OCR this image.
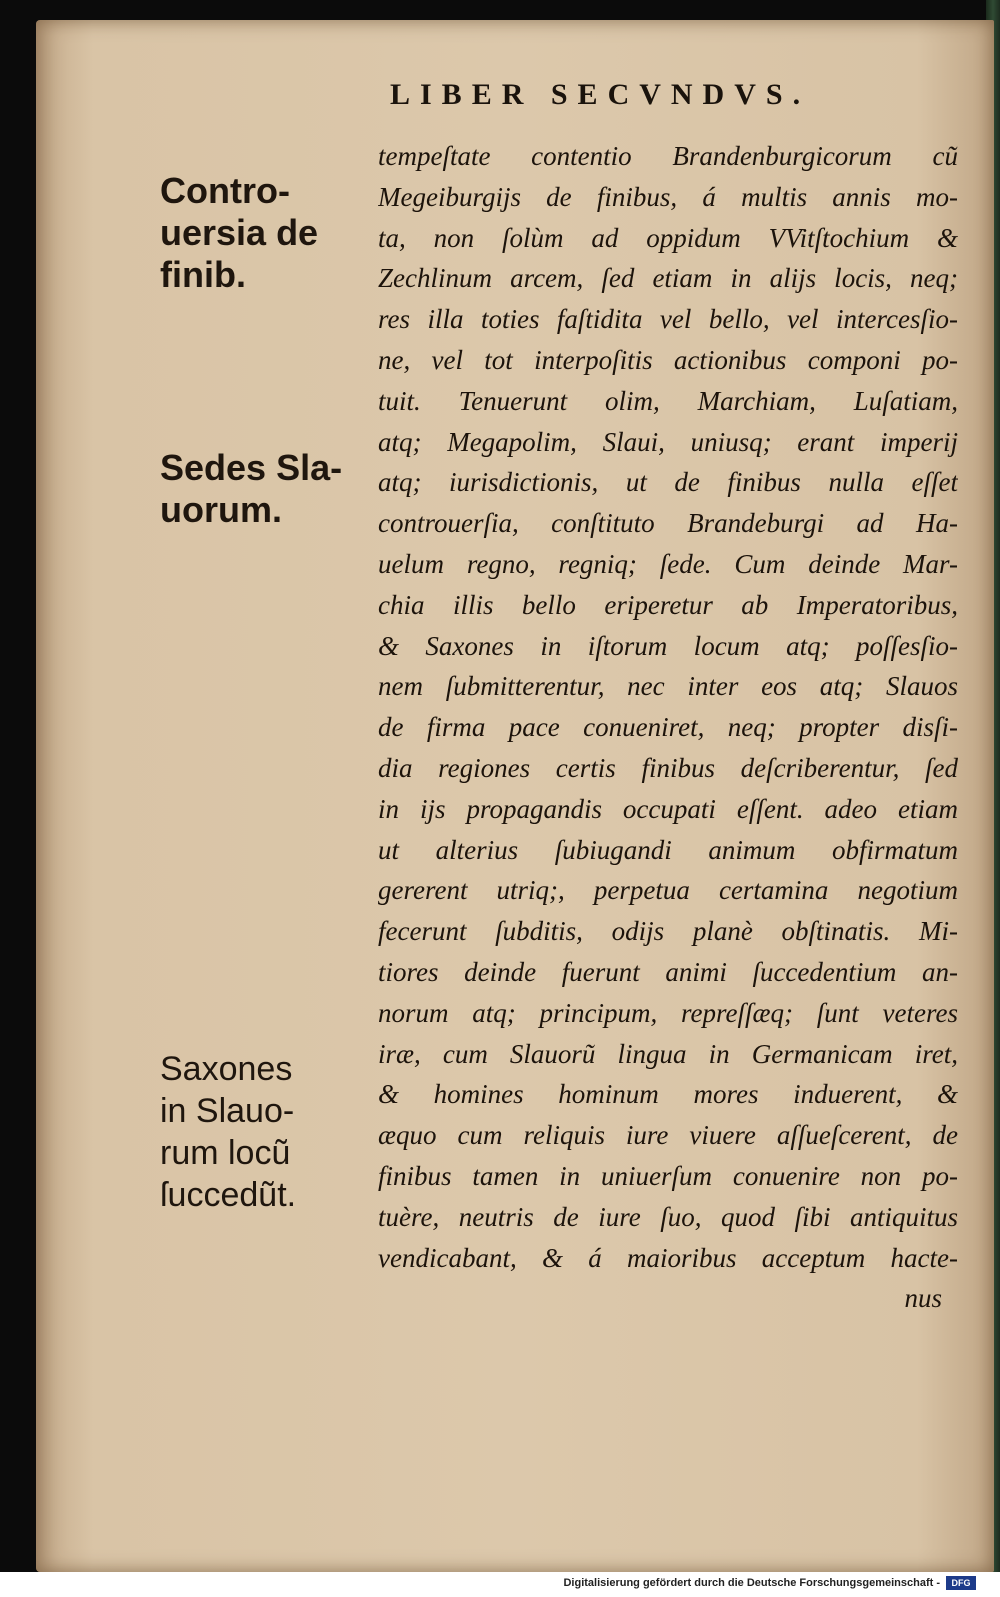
LIBER SECVNDVS.
Contro-
uersia de
finib.
Sedes Sla-
uorum.
Saxones
in Slauo-
rum locũ
ſuccedũt.
tempeſtate contentio Brandenburgicorum cũ
Megeiburgijs de finibus, á multis annis mo-
ta, non ſolùm ad oppidum VVitſtochium &
Zechlinum arcem, ſed etiam in alijs locis, neq;
res illa toties faſtidita vel bello, vel intercesſio-
ne, vel tot interpoſitis actionibus componi po-
tuit. Tenuerunt olim, Marchiam, Luſatiam,
atq; Megapolim, Slaui, uniusq; erant imperij
atq; iurisdictionis, ut de finibus nulla eſſet
controuerſia, conſtituto Brandeburgi ad Ha-
uelum regno, regniq; ſede. Cum deinde Mar-
chia illis bello eriperetur ab Imperatoribus,
& Saxones in iſtorum locum atq; poſſesſio-
nem ſubmitterentur, nec inter eos atq; Slauos
de firma pace conueniret, neq; propter disſi-
dia regiones certis finibus deſcriberentur, ſed
in ijs propagandis occupati eſſent. adeo etiam
ut alterius ſubiugandi animum obfirmatum
gererent utriq;, perpetua certamina negotium
fecerunt ſubditis, odijs planè obſtinatis. Mi-
tiores deinde fuerunt animi ſuccedentium an-
norum atq; principum, repreſſæq; ſunt veteres
iræ, cum Slauorũ lingua in Germanicam iret,
& homines hominum mores induerent, &
æquo cum reliquis iure viuere aſſueſcerent, de
finibus tamen in uniuerſum conuenire non po-
tuère, neutris de iure ſuo, quod ſibi antiquitus
vendicabant, & á maioribus acceptum hacte-
nus
Digitalisierung gefördert durch die Deutsche Forschungsgemeinschaft -	DFG
